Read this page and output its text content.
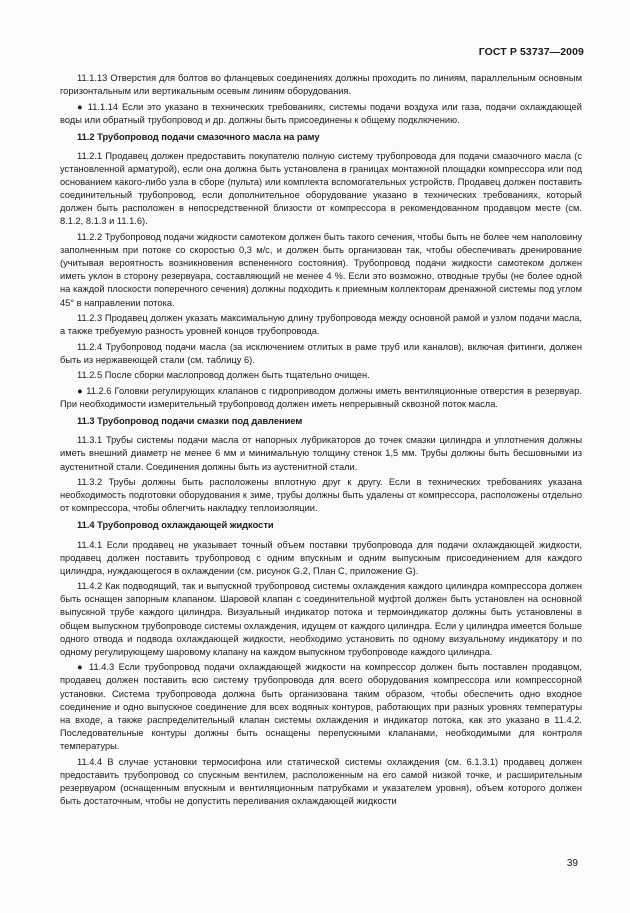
ГОСТ Р 53737—2009

11.1.13 Отверстия для болтов во фланцевых соединениях должны проходить по линиям, параллельным основным горизонтальным или вертикальным осевым линиям оборудования.

● 11.1.14 Если это указано в технических требованиях, системы подачи воздуха или газа, подачи охлаждающей воды или обратный трубопровод и др. должны быть присоединены к общему подключению.

11.2 Трубопровод подачи смазочного масла на раму

11.2.1 Продавец должен предоставить покупателю полную систему трубопровода для подачи смазочного масла (с установленной арматурой), если она должна быть установлена в границах монтажной площадки компрессора или под основанием какого-либо узла в сборе (пульта) или комплекта вспомогательных устройств. Продавец должен поставить соединительный трубопровод, если дополнительное оборудование указано в технических требованиях, который должен быть расположен в непосредственной близости от компрессора в рекомендованном продавцом месте (см. 8.1.2, 8.1.3 и 11.1.6).

11.2.2 Трубопровод подачи жидкости самотеком должен быть такого сечения, чтобы быть не более чем наполовину заполненным при потоке со скоростью 0,3 м/с, и должен быть организован так, чтобы обеспечивать дренирование (учитывая вероятность возникновения вспененного состояния). Трубопровод подачи жидкости самотеком должен иметь уклон в сторону резервуара, составляющий не менее 4 %. Если это возможно, отводные трубы (не более одной на каждой плоскости поперечного сечения) должны подходить к приемным коллекторам дренажной системы под углом 45° в направлении потока.

11.2.3 Продавец должен указать максимальную длину трубопровода между основной рамой и узлом подачи масла, а также требуемую разность уровней концов трубопровода.

11.2.4 Трубопровод подачи масла (за исключением отлитых в раме труб или каналов), включая фитинги, должен быть из нержавеющей стали (см. таблицу 6).

11.2.5 После сборки маслопровод должен быть тщательно очищен.

● 11.2.6 Головки регулирующих клапанов с гидроприводом должны иметь вентиляционные отверстия в резервуар. При необходимости измерительный трубопровод должен иметь непрерывный сквозной поток масла.

11.3 Трубопровод подачи смазки под давлением

11.3.1 Трубы системы подачи масла от напорных лубрикаторов до точек смазки цилиндра и уплотнения должны иметь внешний диаметр не менее 6 мм и минимальную толщину стенок 1,5 мм. Трубы должны быть бесшовными из аустенитной стали. Соединения должны быть из аустенитной стали.

11.3.2 Трубы должны быть расположены вплотную друг к другу. Если в технических требованиях указана необходимость подготовки оборудования к зиме, трубы должны быть удалены от компрессора, расположены отдельно от компрессора, чтобы облегчить накладку теплоизоляции.

11.4 Трубопровод охлаждающей жидкости

11.4.1 Если продавец не указывает точный объем поставки трубопровода для подачи охлаждающей жидкости, продавец должен поставить трубопровод с одним впускным и одним выпускным присоединением для каждого цилиндра, нуждающегося в охлаждении (см. рисунок G.2, План С, приложение G).

11.4.2 Как подводящий, так и выпускной трубопровод системы охлаждения каждого цилиндра компрессора должен быть оснащен запорным клапаном. Шаровой клапан с соединительной муфтой должен быть установлен на основной выпускной трубе каждого цилиндра. Визуальный индикатор потока и термоиндикатор должны быть установлены в общем выпускном трубопроводе системы охлаждения, идущем от каждого цилиндра. Если у цилиндра имеется больше одного отвода и подвода охлаждающей жидкости, необходимо установить по одному визуальному индикатору и по одному регулирующему шаровому клапану на каждом выпускном трубопроводе каждого цилиндра.

● 11.4.3 Если трубопровод подачи охлаждающей жидкости на компрессор должен быть поставлен продавцом, продавец должен поставить всю систему трубопровода для всего оборудования компрессора или компрессорной установки. Система трубопровода должна быть организована таким образом, чтобы обеспечить одно входное соединение и одно выпускное соединение для всех водяных контуров, работающих при разных уровнях температуры на входе, а также распределительный клапан системы охлаждения и индикатор потока, как это указано в 11.4.2. Последовательные контуры должны быть оснащены перепускными клапанами, необходимыми для контроля температуры.

11.4.4 В случае установки термосифона или статической системы охлаждения (см. 6.1.3.1) продавец должен предоставить трубопровод со спускным вентилем, расположенным на его самой низкой точке, и расширительным резервуаром (оснащенным впускным и вентиляционным патрубками и указателем уровня), объем которого должен быть достаточным, чтобы не допустить переливания охлаждающей жидкости

39
